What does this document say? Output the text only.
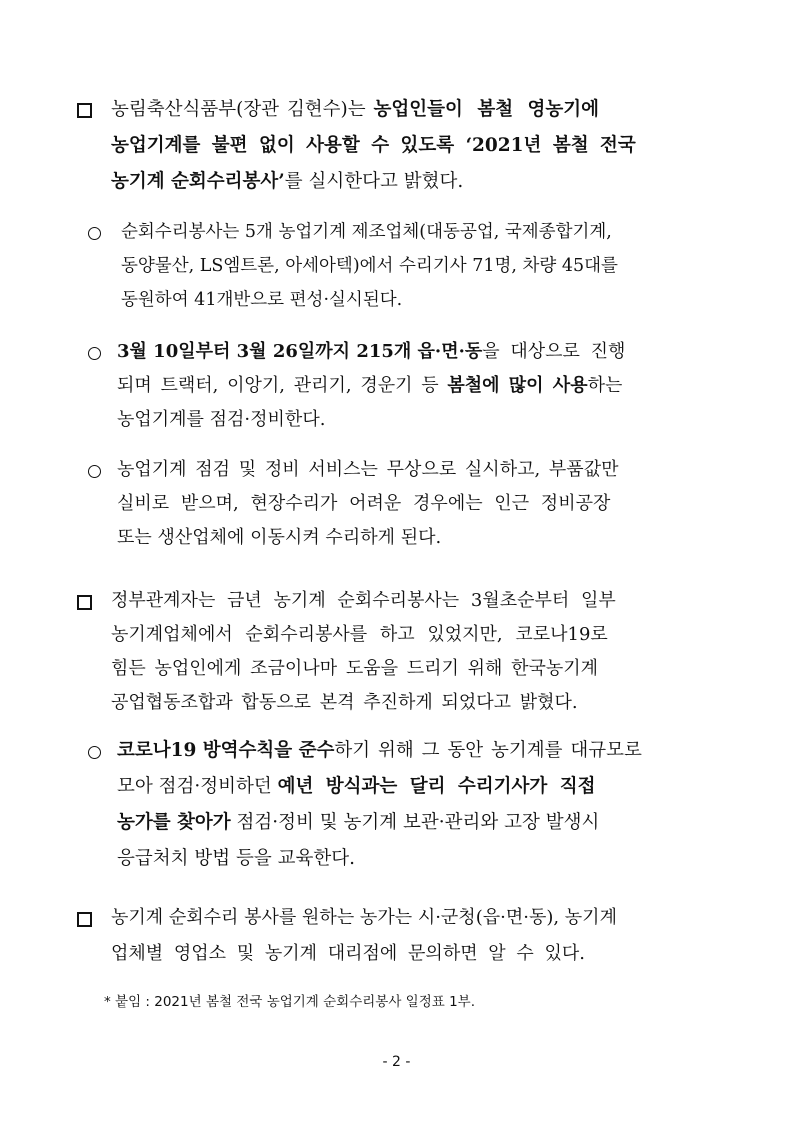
농림축산식품부(장관 김현수)는 농업인들이 봄철 영농기에
농업기계를 불편 없이 사용할 수 있도록 ‘2021년 봄철 전국
농기계 순회수리봉사’를 실시한다고 밝혔다.
순회수리봉사는 5개 농업기계 제조업체(대동공업, 국제종합기계,
동양물산, LS엠트론, 아세아텍)에서 수리기사 71명, 차량 45대를
동원하여 41개반으로 편성·실시된다.
3월 10일부터 3월 26일까지 215개 읍·면·동을 대상으로 진행
되며 트랙터, 이앙기, 관리기, 경운기 등 봄철에 많이 사용하는
농업기계를 점검·정비한다.
농업기계 점검 및 정비 서비스는 무상으로 실시하고, 부품값만
실비로 받으며, 현장수리가 어려운 경우에는 인근 정비공장
또는 생산업체에 이동시켜 수리하게 된다.
정부관계자는 금년 농기계 순회수리봉사는 3월초순부터 일부
농기계업체에서 순회수리봉사를 하고 있었지만, 코로나19로
힘든 농업인에게 조금이나마 도움을 드리기 위해 한국농기계
공업협동조합과 합동으로 본격 추진하게 되었다고 밝혔다.
코로나19 방역수칙을 준수하기 위해 그 동안 농기계를 대규모로
모아 점검·정비하던 예년 방식과는 달리 수리기사가 직접
농가를 찾아가 점검·정비 및 농기계 보관·관리와 고장 발생시
응급처치 방법 등을 교육한다.
농기계 순회수리 봉사를 원하는 농가는 시·군청(읍·면·동), 농기계
업체별 영업소 및 농기계 대리점에 문의하면 알 수 있다.
* 붙임 : 2021년 봄철 전국 농업기계 순회수리봉사 일정표 1부.
- 2 -
